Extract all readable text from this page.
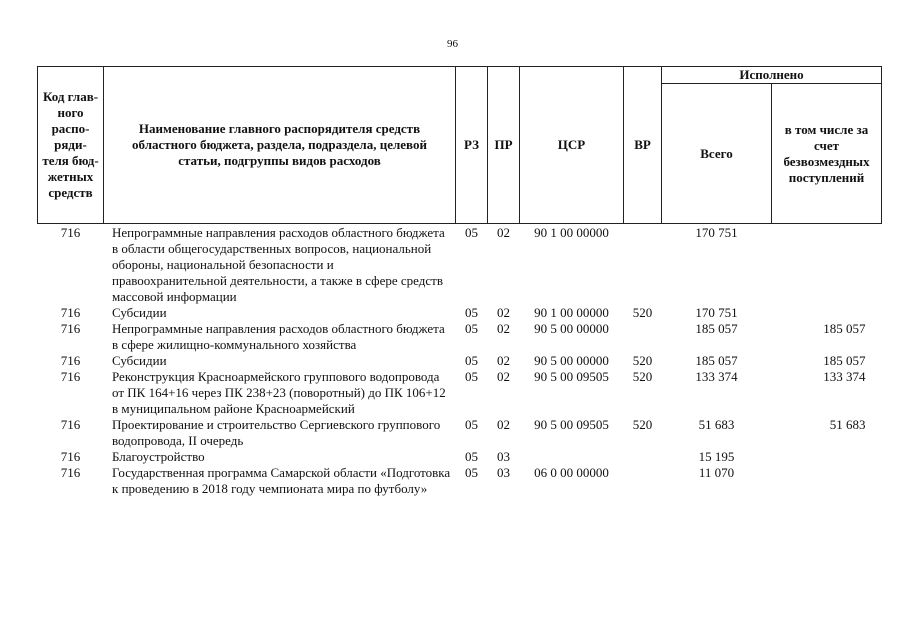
96
Код глав-ного распо-ряди-теля бюд-жетных средств	Наименование главного распорядителя средств областного бюджета, раздела, подраздела, целевой статьи, подгруппы видов расходов	РЗ	ПР	ЦСР	ВР	Исполнено	
						Всего	в том числе за счет безвозмездных поступлений
716	Непрограммные направления расходов областного бюджета в области общегосударственных вопросов, национальной обороны, национальной безопасности и правоохранительной деятельности, а также в сфере средств массовой информации	05	02	90 1 00 00000		170 751	
716	Субсидии	05	02	90 1 00 00000	520	170 751	
716	Непрограммные направления расходов областного бюджета в сфере жилищно-коммунального хозяйства	05	02	90 5 00 00000		185 057	185 057
716	Субсидии	05	02	90 5 00 00000	520	185 057	185 057
716	Реконструкция Красноармейского группового водопровода от ПК 164+16 через ПК 238+23 (поворотный) до ПК 106+12 в муниципальном районе Красноармейский	05	02	90 5 00 09505	520	133 374	133 374
716	Проектирование и строительство Сергиевского группового водопровода, II очередь	05	02	90 5 00 09505	520	51 683	51 683
716	Благоустройство	05	03			15 195	
716	Государственная программа Самарской области «Подготовка к проведению в 2018 году чемпионата мира по футболу»	05	03	06 0 00 00000		11 070	
